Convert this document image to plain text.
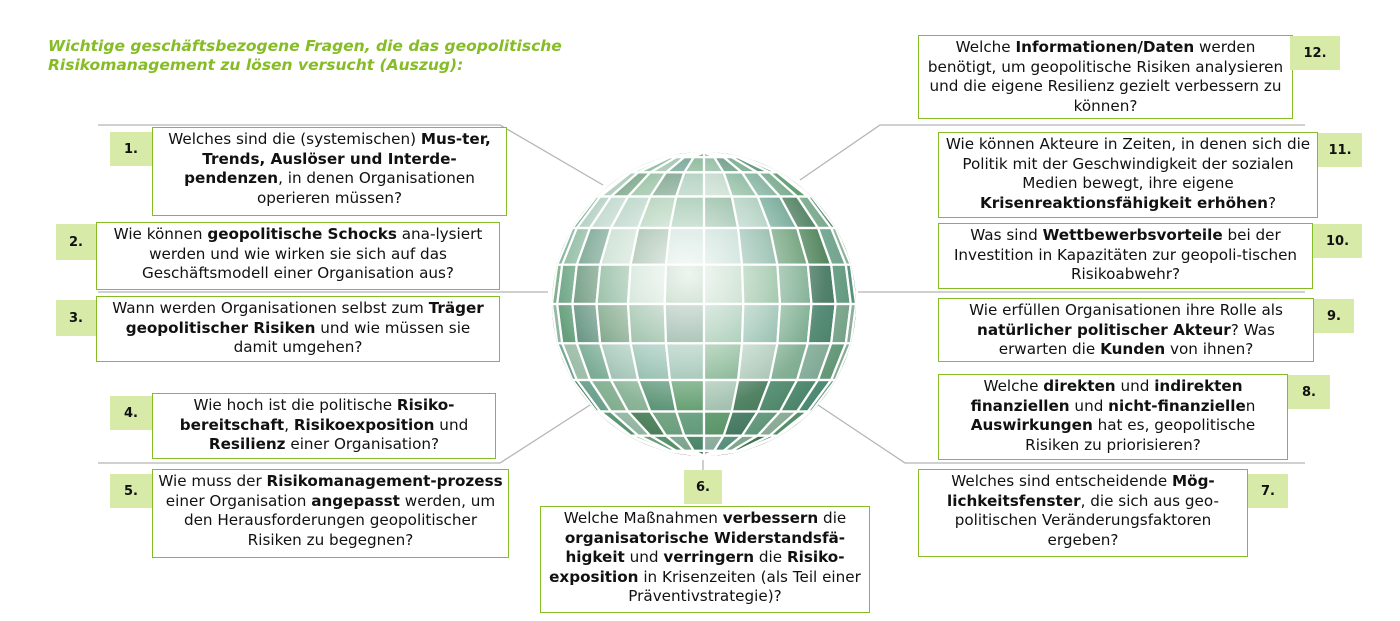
Wichtige geschäftsbezogene Fragen, die das geopolitische
Risikomanagement zu lösen versucht (Auszug):
1.
Welches sind die (systemischen) Mus-ter, Trends, Auslöser und Interde-pendenzen, in denen Organisationen operieren müssen?
2.	Wie können geopolitische Schocks ana-lysiert werden und wie wirken sie sich auf das Geschäftsmodell einer Organisation aus?
3.
Wann werden Organisationen selbst zum Träger geopolitischer Risiken und wie müssen sie damit umgehen?
4.	Wie hoch ist die politische Risiko-bereitschaft, Risikoexposition und Resilienz einer Organisation?
5.
Wie muss der Risikomanagement-prozess einer Organisation angepasst werden, um den Herausforderungen geopolitischer Risiken zu begegnen?
6.
Welche Maßnahmen verbessern die organisatorische Widerstandsfä-higkeit und verringern die Risiko-exposition in Krisenzeiten (als Teil einer Präventivstrategie)?
Welche Informationen/Daten werden benötigt, um geopolitische Risiken analysieren und die eigene Resilienz gezielt verbessern zu können?
12.
Wie können Akteure in Zeiten, in denen sich die Politik mit der Geschwindigkeit der sozialen Medien bewegt, ihre eigene Krisenreaktionsfähigkeit erhöhen?
11.
Was sind Wettbewerbsvorteile bei der Investition in Kapazitäten zur geopoli-tischen Risikoabwehr?
10.
Wie erfüllen Organisationen ihre Rolle als natürlicher politischer Akteur? Was erwarten die Kunden von ihnen?
9.
Welche direkten und indirekten finanziellen und nicht-finanziellen Auswirkungen hat es, geopolitische Risiken zu priorisieren?
8.
Welches sind entscheidende Mög-lichkeitsfenster, die sich aus geo-politischen Veränderungsfaktoren ergeben?
7.
